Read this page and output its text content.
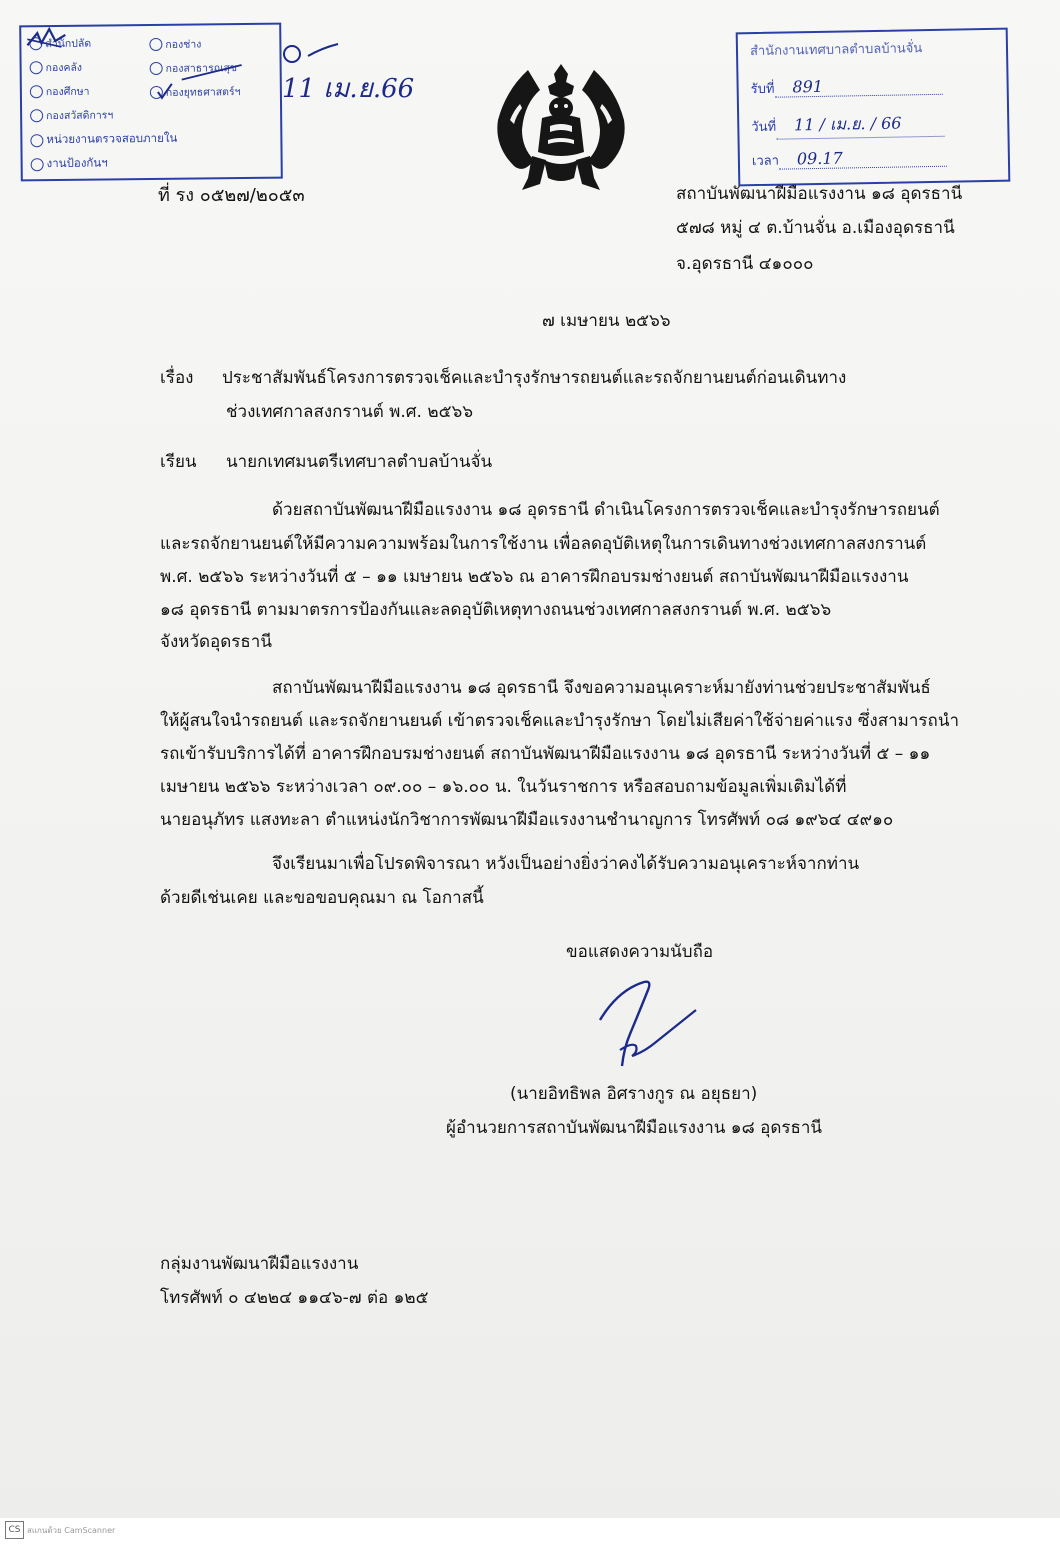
สำนักปลัด	กองช่าง
กองคลัง	กองสาธารณสุข
กองศึกษา	กองยุทธศาสตร์ฯ
กองสวัสดิการฯ
หน่วยงานตรวจสอบภายใน
งานป้องกันฯ
11 เม.ย.66
ที่ รง ๐๕๒๗/๒๐๕๓
สำนักงานเทศบาลตำบลบ้านจั่น
รับที่ 891
วันที่ 11 / เม.ย. / 66
เวลา 09.17
สถาบันพัฒนาฝีมือแรงงาน ๑๘ อุดรธานี
๕๗๘ หมู่ ๔ ต.บ้านจั่น อ.เมืองอุดรธานี
จ.อุดรธานี ๔๑๐๐๐
๗ เมษายน ๒๕๖๖
เรื่อง ประชาสัมพันธ์โครงการตรวจเช็คและบำรุงรักษารถยนต์และรถจักยานยนต์ก่อนเดินทาง
ช่วงเทศกาลสงกรานต์ พ.ศ. ๒๕๖๖
เรียน นายกเทศมนตรีเทศบาลตำบลบ้านจั่น
ด้วยสถาบันพัฒนาฝีมือแรงงาน ๑๘ อุดรธานี ดำเนินโครงการตรวจเช็คและบำรุงรักษารถยนต์
และรถจักยานยนต์ให้มีความความพร้อมในการใช้งาน เพื่อลดอุบัติเหตุในการเดินทางช่วงเทศกาลสงกรานต์
พ.ศ. ๒๕๖๖ ระหว่างวันที่ ๕ – ๑๑ เมษายน ๒๕๖๖ ณ อาคารฝึกอบรมช่างยนต์ สถาบันพัฒนาฝีมือแรงงาน
๑๘ อุดรธานี ตามมาตรการป้องกันและลดอุบัติเหตุทางถนนช่วงเทศกาลสงกรานต์ พ.ศ. ๒๕๖๖
จังหวัดอุดรธานี
สถาบันพัฒนาฝีมือแรงงาน ๑๘ อุดรธานี จึงขอความอนุเคราะห์มายังท่านช่วยประชาสัมพันธ์
ให้ผู้สนใจนำรถยนต์ และรถจักยานยนต์ เข้าตรวจเช็คและบำรุงรักษา โดยไม่เสียค่าใช้จ่ายค่าแรง ซึ่งสามารถนำ
รถเข้ารับบริการได้ที่ อาคารฝึกอบรมช่างยนต์ สถาบันพัฒนาฝีมือแรงงาน ๑๘ อุดรธานี ระหว่างวันที่ ๕ – ๑๑
เมษายน ๒๕๖๖ ระหว่างเวลา ๐๙.๐๐ – ๑๖.๐๐ น. ในวันราชการ หรือสอบถามข้อมูลเพิ่มเติมได้ที่
นายอนุภัทร แสงทะลา ตำแหน่งนักวิชาการพัฒนาฝีมือแรงงานชำนาญการ โทรศัพท์ ๐๘ ๑๙๖๔ ๔๙๑๐
จึงเรียนมาเพื่อโปรดพิจารณา หวังเป็นอย่างยิ่งว่าคงได้รับความอนุเคราะห์จากท่าน
ด้วยดีเช่นเคย และขอขอบคุณมา ณ โอกาสนี้
ขอแสดงความนับถือ
(นายอิทธิพล อิศรางกูร ณ อยุธยา)
ผู้อำนวยการสถาบันพัฒนาฝีมือแรงงาน ๑๘ อุดรธานี
กลุ่มงานพัฒนาฝีมือแรงงาน
โทรศัพท์ ๐ ๔๒๒๔ ๑๑๔๖-๗ ต่อ ๑๒๕
CS สแกนด้วย CamScanner
